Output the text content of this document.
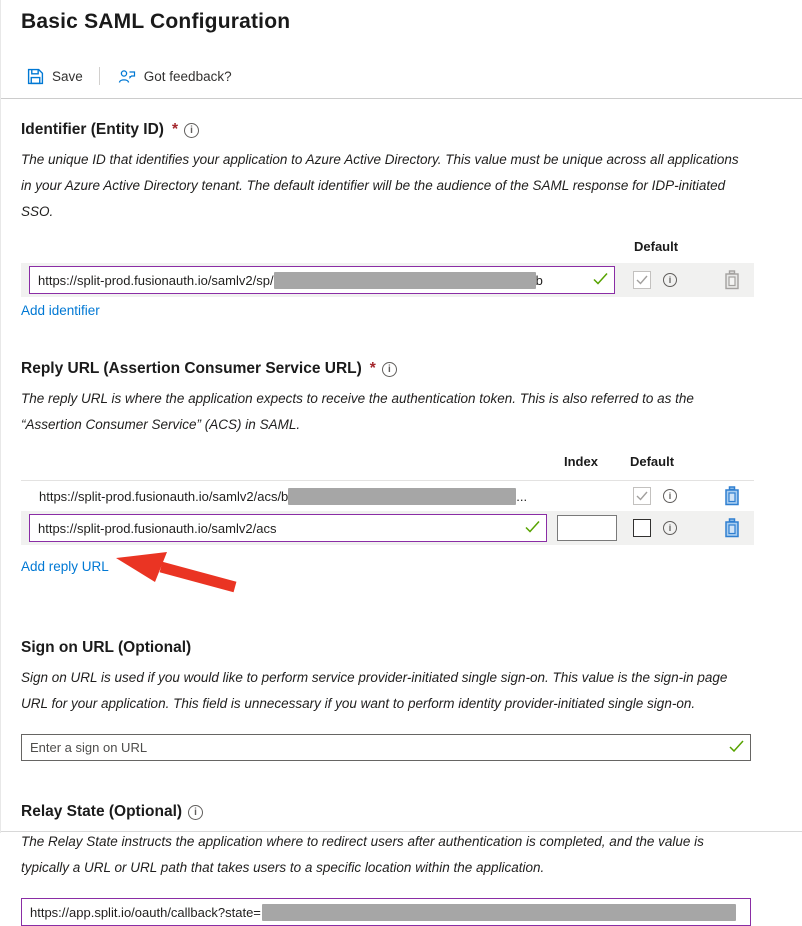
Basic SAML Configuration
Save	Got feedback?
Identifier (Entity ID) *	i

The unique ID that identifies your application to Azure Active Directory. This value must be unique across all applications in your Azure Active Directory tenant. The default identifier will be the audience of the SAML response for IDP-initiated SSO.

Default
https://split-prod.fusionauth.io/samlv2/sp/	b	i
Add identifier
Reply URL (Assertion Consumer Service URL) *	i

The reply URL is where the application expects to receive the authentication token. This is also referred to as the “Assertion Consumer Service” (ACS) in SAML.

Index Default
https://split-prod.fusionauth.io/samlv2/acs/b	...	i
https://split-prod.fusionauth.io/samlv2/acs	i
Add reply URL
Sign on URL (Optional)

Sign on URL is used if you would like to perform service provider-initiated single sign-on. This value is the sign-in page URL for your application. This field is unnecessary if you want to perform identity provider-initiated single sign-on.

Enter a sign on URL
Relay State (Optional)	i

The Relay State instructs the application where to redirect users after authentication is completed, and the value is typically a URL or URL path that takes users to a specific location within the application.

https://app.split.io/oauth/callback?state=
